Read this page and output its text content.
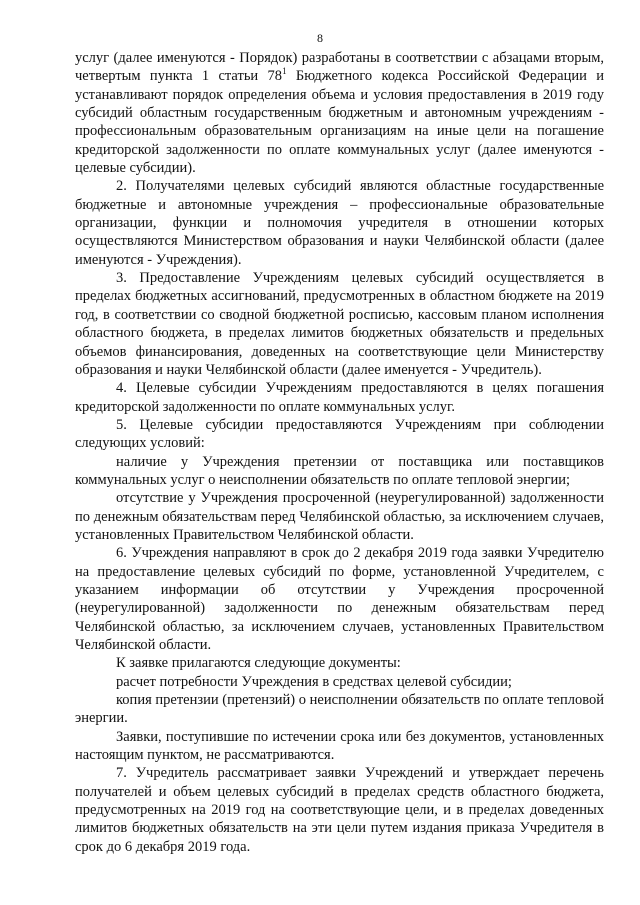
8

услуг (далее именуются - Порядок) разработаны в соответствии с абзацами вторым, четвертым пункта 1 статьи $78^1$ Бюджетного кодекса Российской Федерации и устанавливают порядок определения объема и условия предоставления в 2019 году субсидий областным государственным бюджетным и автономным учреждениям - профессиональным образовательным организациям на иные цели на погашение кредиторской задолженности по оплате коммунальных услуг (далее именуются - целевые субсидии).

2. Получателями целевых субсидий являются областные государственные бюджетные и автономные учреждения – профессиональные образовательные организации, функции и полномочия учредителя в отношении которых осуществляются Министерством образования и науки Челябинской области (далее именуются - Учреждения).

3. Предоставление Учреждениям целевых субсидий осуществляется в пределах бюджетных ассигнований, предусмотренных в областном бюджете на 2019 год, в соответствии со сводной бюджетной росписью, кассовым планом исполнения областного бюджета, в пределах лимитов бюджетных обязательств и предельных объемов финансирования, доведенных на соответствующие цели Министерству образования и науки Челябинской области (далее именуется - Учредитель).

4. Целевые субсидии Учреждениям предоставляются в целях погашения кредиторской задолженности по оплате коммунальных услуг.

5. Целевые субсидии предоставляются Учреждениям при соблюдении следующих условий:

наличие у Учреждения претензии от поставщика или поставщиков коммунальных услуг о неисполнении обязательств по оплате тепловой энергии;

отсутствие у Учреждения просроченной (неурегулированной) задолженности по денежным обязательствам перед Челябинской областью, за исключением случаев, установленных Правительством Челябинской области.

6. Учреждения направляют в срок до 2 декабря 2019 года заявки Учредителю на предоставление целевых субсидий по форме, установленной Учредителем, с указанием информации об отсутствии у Учреждения просроченной (неурегулированной) задолженности по денежным обязательствам перед Челябинской областью, за исключением случаев, установленных Правительством Челябинской области.

К заявке прилагаются следующие документы:

расчет потребности Учреждения в средствах целевой субсидии;

копия претензии (претензий) о неисполнении обязательств по оплате тепловой энергии.

Заявки, поступившие по истечении срока или без документов, установленных настоящим пунктом, не рассматриваются.

7. Учредитель рассматривает заявки Учреждений и утверждает перечень получателей и объем целевых субсидий в пределах средств областного бюджета, предусмотренных на 2019 год на соответствующие цели, и в пределах доведенных лимитов бюджетных обязательств на эти цели путем издания приказа Учредителя в срок до 6 декабря 2019 года.
